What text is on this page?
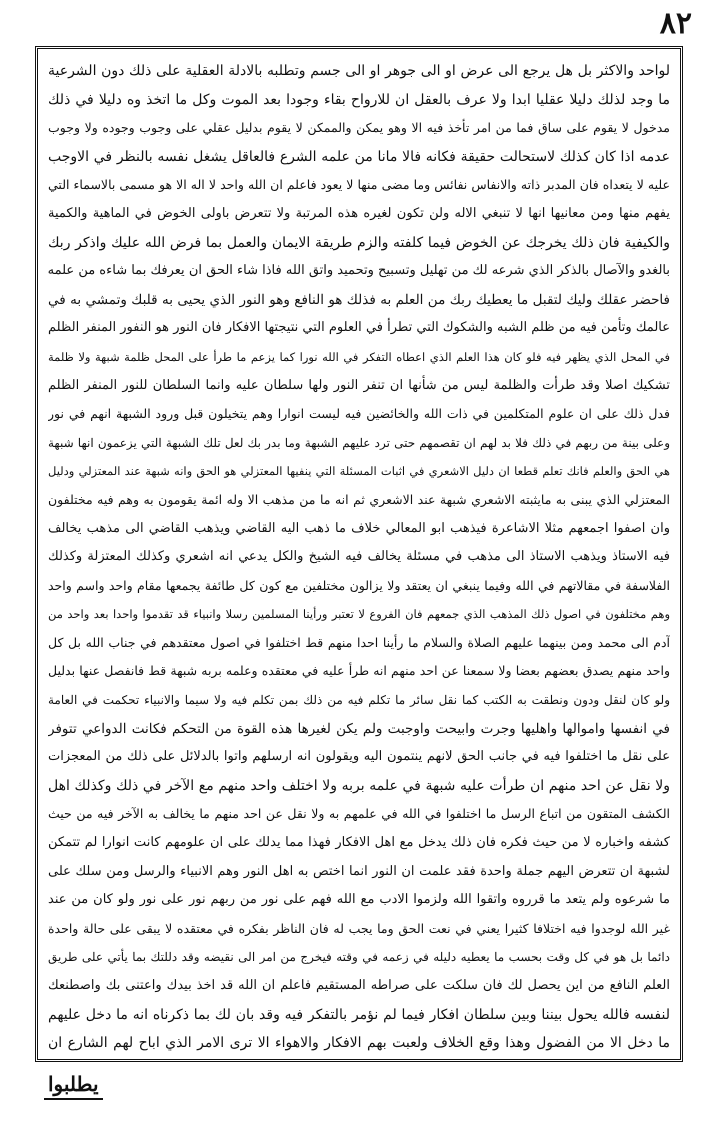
٨٢
لواحد والاكثر بل هل يرجع الى عرض او الى جوهر او الى جسم وتطلبه بالادلة العقلية على ذلك دون الشرعية
ما وجد لذلك دليلا عقليا ابدا ولا عرف بالعقل ان للارواح بقاء وجودا بعد الموت وكل ما اتخذ وه دليلا في ذلك
مدخول لا يقوم على ساق فما من امر تأخذ فيه الا وهو يمكن والممكن لا يقوم بدليل عقلي على وجوب وجوده ولا وجوب
عدمه اذا كان كذلك لاستحالت حقيقة فكانه فالا مانا من علمه الشرع فالعاقل يشغل نفسه بالنظر في الاوجب
عليه لا يتعداه فان المدبر ذاته والانفاس نفائس وما مضى منها لا يعود فاعلم ان الله واحد لا اله الا هو مسمى بالاسماء التي
يفهم منها ومن معانيها انها لا تنبغي الاله ولن تكون لغيره هذه المرتبة ولا تتعرض باولى الخوض في الماهية والكمية
والكيفية فان ذلك يخرجك عن الخوض فيما كلفته والزم طريقة الايمان والعمل بما فرض الله عليك واذكر ربك
بالغدو والآصال بالذكر الذي شرعه لك من تهليل وتسبيح وتحميد واتق الله فاذا شاء الحق ان يعرفك بما شاءه من علمه
فاحضر عقلك وليك لتقبل ما يعطيك ربك من العلم به فذلك هو النافع وهو النور الذي يحيى به قلبك وتمشي به في
عالمك وتأمن فيه من ظلم الشبه والشكوك التي تطرأ في العلوم التي نتيجتها الافكار فان النور هو النفور المنفر الظلم
في المحل الذي يظهر فيه فلو كان هذا العلم الذي اعطاه التفكر في الله نورا كما يزعم ما طرأ على المحل ظلمة شبهة ولا ظلمة
تشكيك اصلا وقد طرأت والظلمة ليس من شأنها ان تنفر النور ولها سلطان عليه وانما السلطان للنور المنفر الظلم
فدل ذلك على ان علوم المتكلمين في ذات الله والخائضين فيه ليست انوارا وهم يتخيلون قبل ورود الشبهة انهم في نور
وعلى بينة من ربهم في ذلك فلا بد لهم ان تقصمهم حتى ترد عليهم الشبهة وما بدر بك لعل تلك الشبهة التي يزعمون انها شبهة
هي الحق والعلم فانك تعلم قطعا ان دليل الاشعري في اثبات المسئلة التي ينفيها المعتزلي هو الحق وانه شبهة عند المعتزلي ودليل
المعتزلي الذي يبنى به مايثبته الاشعري شبهة عند الاشعري ثم انه ما من مذهب الا وله ائمة يقومون به وهم فيه مختلفون
وان اصفوا اجمعهم مثلا الاشاعرة فيذهب ابو المعالي خلاف ما ذهب اليه القاضي ويذهب القاضي الى مذهب يخالف
فيه الاستاذ ويذهب الاستاذ الى مذهب في مسئلة يخالف فيه الشيخ والكل يدعي انه اشعري وكذلك المعتزلة وكذلك
الفلاسفة في مقالاتهم في الله وفيما ينبغي ان يعتقد ولا يزالون مختلفين مع كون كل طائفة يجمعها مقام واحد واسم واحد
وهم مختلفون في اصول ذلك المذهب الذي جمعهم فان الفروع لا تعتبر ورأينا المسلمين رسلا وانبياء قد تقدموا واحدا بعد واحد من
آدم الى محمد ومن بينهما عليهم الصلاة والسلام ما رأينا احدا منهم قط اختلفوا في اصول معتقدهم في جناب الله بل كل
واحد منهم يصدق بعضهم بعضا ولا سمعنا عن احد منهم انه طرأ عليه في معتقده وعلمه بربه شبهة قط فانفصل عنها بدليل
ولو كان لنقل ودون ونطقت به الكتب كما نقل سائر ما تكلم فيه من ذلك بمن تكلم فيه ولا سيما والانبياء تحكمت في العامة
في انفسها واموالها واهليها وجرت وابيحت واوجبت ولم يكن لغيرها هذه القوة من التحكم فكانت الدواعي تتوفر
على نقل ما اختلفوا فيه في جانب الحق لانهم ينتمون اليه ويقولون انه ارسلهم واتوا بالدلائل على ذلك من المعجزات
ولا نقل عن احد منهم ان طرأت عليه شبهة في علمه بربه ولا اختلف واحد منهم مع الآخر في ذلك وكذلك اهل
الكشف المتقون من اتباع الرسل ما اختلفوا في الله في علمهم به ولا نقل عن احد منهم ما يخالف به الآخر فيه من حيث
كشفه واخباره لا من حيث فكره فان ذلك يدخل مع اهل الافكار فهذا مما يدلك على ان علومهم كانت انوارا لم تتمكن
لشبهة ان تتعرض اليهم جملة واحدة فقد علمت ان النور انما اختص به اهل النور وهم الانبياء والرسل ومن سلك على
ما شرعوه ولم يتعد ما قرروه واتقوا الله ولزموا الادب مع الله فهم على نور من ربهم نور على نور ولو كان من عند
غير الله لوجدوا فيه اختلافا كثيرا يعني في نعت الحق وما يجب له فان الناظر بفكره في معتقده لا يبقى على حالة واحدة
دائما بل هو في كل وقت بحسب ما يعطيه دليله في زعمه في وقته فيخرج من امر الى نقيضه وقد دللتك بما يأتي على طريق
العلم النافع من اين يحصل لك فان سلكت على صراطه المستقيم فاعلم ان الله قد اخذ بيدك واعتنى بك واصطنعك
لنفسه فالله يحول بيننا وبين سلطان افكار فيما لم نؤمر بالتفكر فيه وقد بان لك بما ذكرناه انه ما دخل عليهم
ما دخل الا من الفضول وهذا وقع الخلاف ولعبت بهم الافكار والاهواء الا ترى الامر الذي اباح لهم الشارع ان
يطلبوا
